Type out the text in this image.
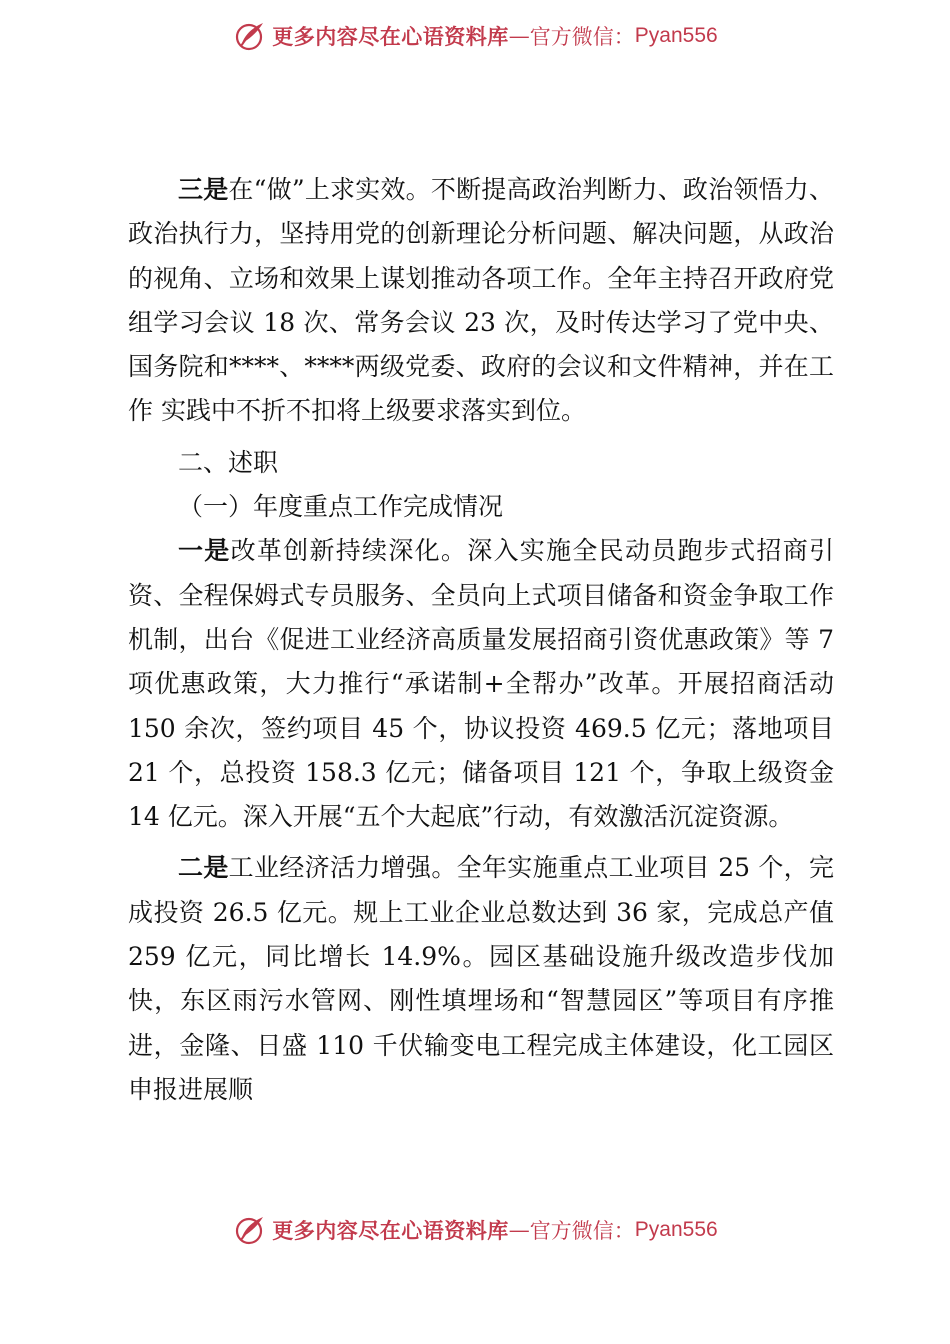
更多内容尽在心语资料库 — 官方微信： Pyan556

三是在“做”上求实效。不断提高政治判断力、政治领悟力、政治执行力，坚持用党的创新理论分析问题、解决问题，从政治的视角、立场和效果上谋划推动各项工作。全年主持召开政府党组学习会议 18 次、常务会议 23 次，及时传达学习了党中央、国务院和****、****两级党委、政府的会议和文件精神，并在工作 实践中不折不扣将上级要求落实到位。

二、述职

（一）年度重点工作完成情况

一是改革创新持续深化。深入实施全民动员跑步式招商引资、全程保姆式专员服务、全员向上式项目储备和资金争取工作机制，出台《促进工业经济高质量发展招商引资优惠政策》等 7 项优惠政策，大力推行“承诺制+全帮办”改革。开展招商活动 150 余次，签约项目 45 个，协议投资 469.5 亿元；落地项目 21 个，总投资 158.3 亿元；储备项目 121 个，争取上级资金 14 亿元。深入开展“五个大起底”行动，有效激活沉淀资源。

二是工业经济活力增强。全年实施重点工业项目 25 个，完成投资 26.5 亿元。规上工业企业总数达到 36 家，完成总产值 259 亿元，同比增长 14.9%。园区基础设施升级改造步伐加快，东区雨污水管网、刚性填埋场和“智慧园区”等项目有序推进，金隆、日盛 110 千伏输变电工程完成主体建设，化工园区申报进展顺

更多内容尽在心语资料库 — 官方微信： Pyan556
